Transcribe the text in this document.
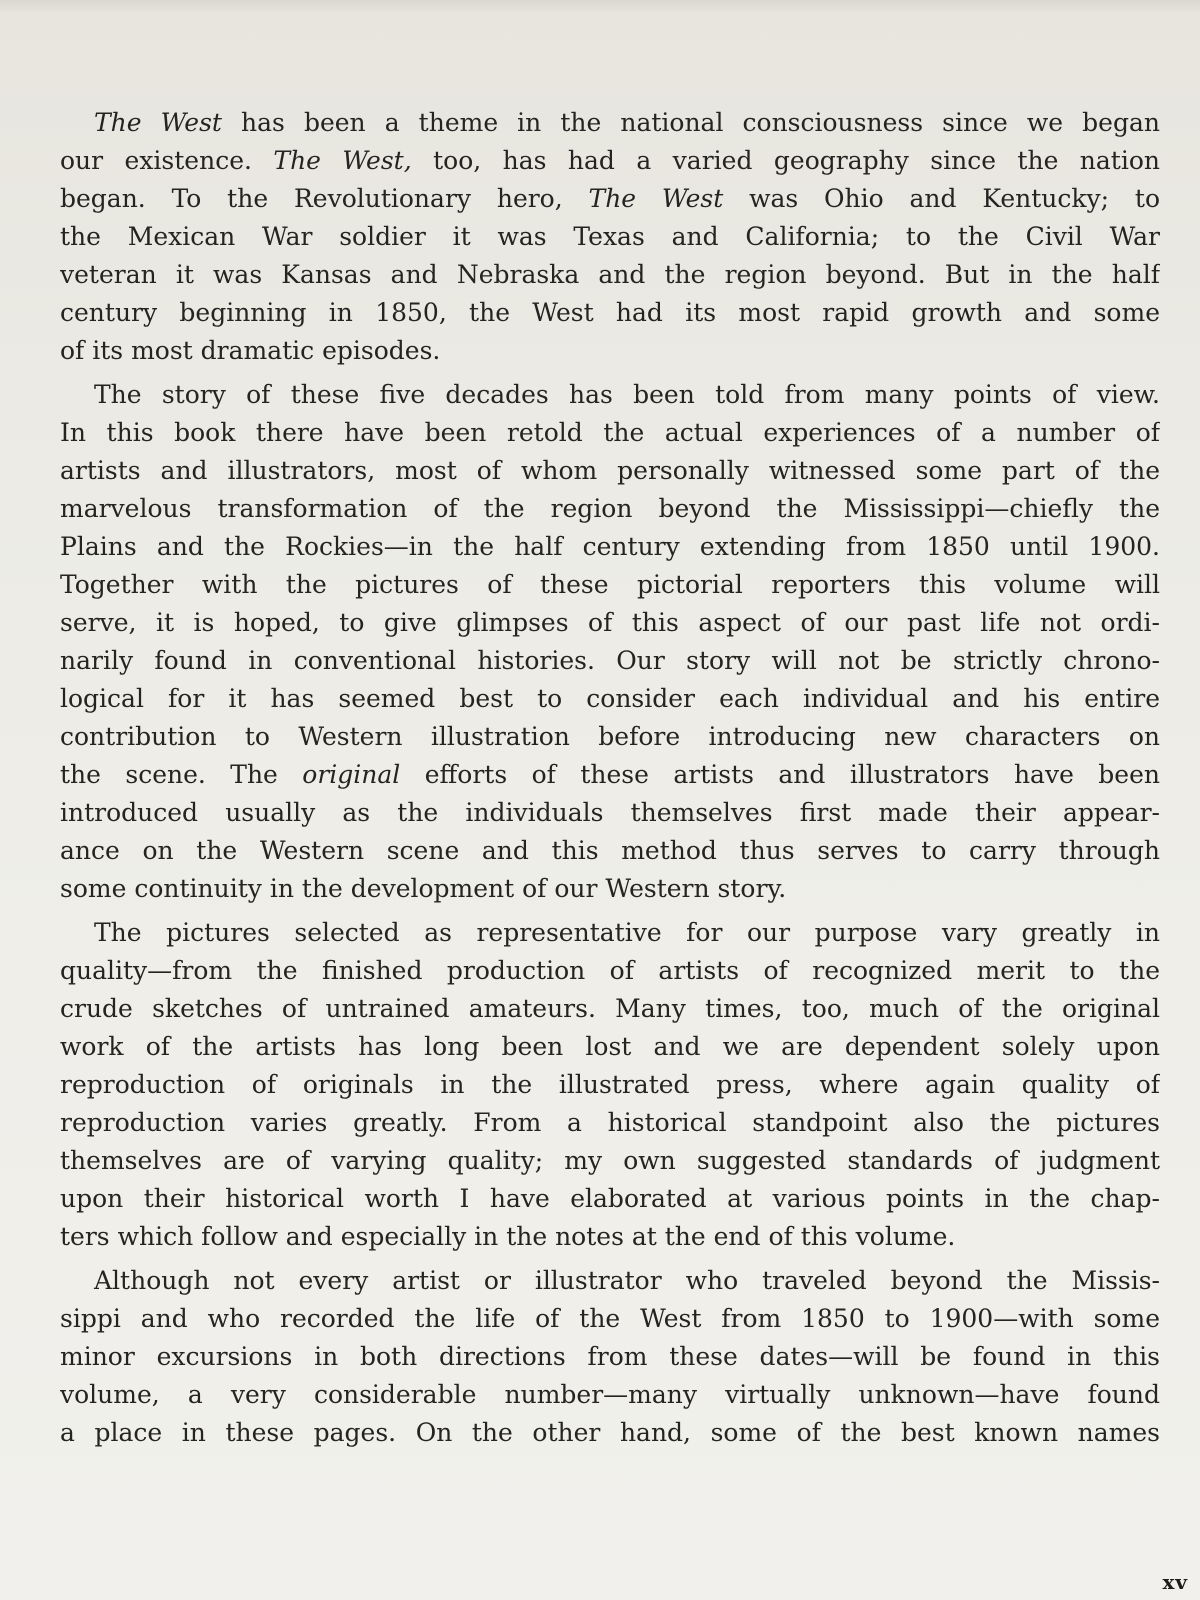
The West has been a theme in the national consciousness since we began
our existence. The West, too, has had a varied geography since the nation
began. To the Revolutionary hero, The West was Ohio and Kentucky; to
the Mexican War soldier it was Texas and California; to the Civil War
veteran it was Kansas and Nebraska and the region beyond. But in the half
century beginning in 1850, the West had its most rapid growth and some
of its most dramatic episodes.
The story of these five decades has been told from many points of view.
In this book there have been retold the actual experiences of a number of
artists and illustrators, most of whom personally witnessed some part of the
marvelous transformation of the region beyond the Mississippi—chiefly the
Plains and the Rockies—in the half century extending from 1850 until 1900.
Together with the pictures of these pictorial reporters this volume will
serve, it is hoped, to give glimpses of this aspect of our past life not ordi-
narily found in conventional histories. Our story will not be strictly chrono-
logical for it has seemed best to consider each individual and his entire
contribution to Western illustration before introducing new characters on
the scene. The original efforts of these artists and illustrators have been
introduced usually as the individuals themselves first made their appear-
ance on the Western scene and this method thus serves to carry through
some continuity in the development of our Western story.
The pictures selected as representative for our purpose vary greatly in
quality—from the finished production of artists of recognized merit to the
crude sketches of untrained amateurs. Many times, too, much of the original
work of the artists has long been lost and we are dependent solely upon
reproduction of originals in the illustrated press, where again quality of
reproduction varies greatly. From a historical standpoint also the pictures
themselves are of varying quality; my own suggested standards of judgment
upon their historical worth I have elaborated at various points in the chap-
ters which follow and especially in the notes at the end of this volume.
Although not every artist or illustrator who traveled beyond the Missis-
sippi and who recorded the life of the West from 1850 to 1900—with some
minor excursions in both directions from these dates—will be found in this
volume, a very considerable number—many virtually unknown—have found
a place in these pages. On the other hand, some of the best known names
xv
